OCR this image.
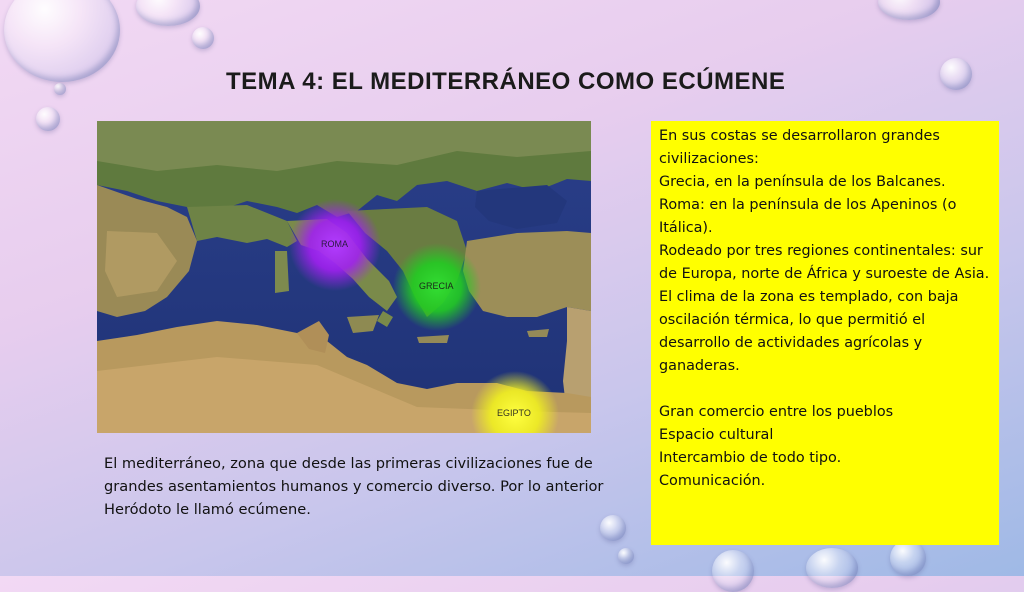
TEMA 4: EL MEDITERRÁNEO COMO ECÚMENE
ROMA
GRECIA
EGIPTO
El mediterráneo, zona que desde las primeras civilizaciones fue de grandes asentamientos humanos y comercio diverso. Por lo anterior Heródoto le llamó ecúmene.

En sus costas se desarrollaron grandes civilizaciones:

Grecia, en la península de los Balcanes.

Roma: en la península de los Apeninos (o Itálica).

Rodeado por tres regiones continentales: sur de Europa, norte de África y suroeste de Asia.

El clima de la zona es templado, con baja oscilación térmica, lo que permitió el desarrollo de actividades agrícolas y ganaderas.

Gran comercio entre los pueblos

Espacio cultural

Intercambio de todo tipo.

Comunicación.
